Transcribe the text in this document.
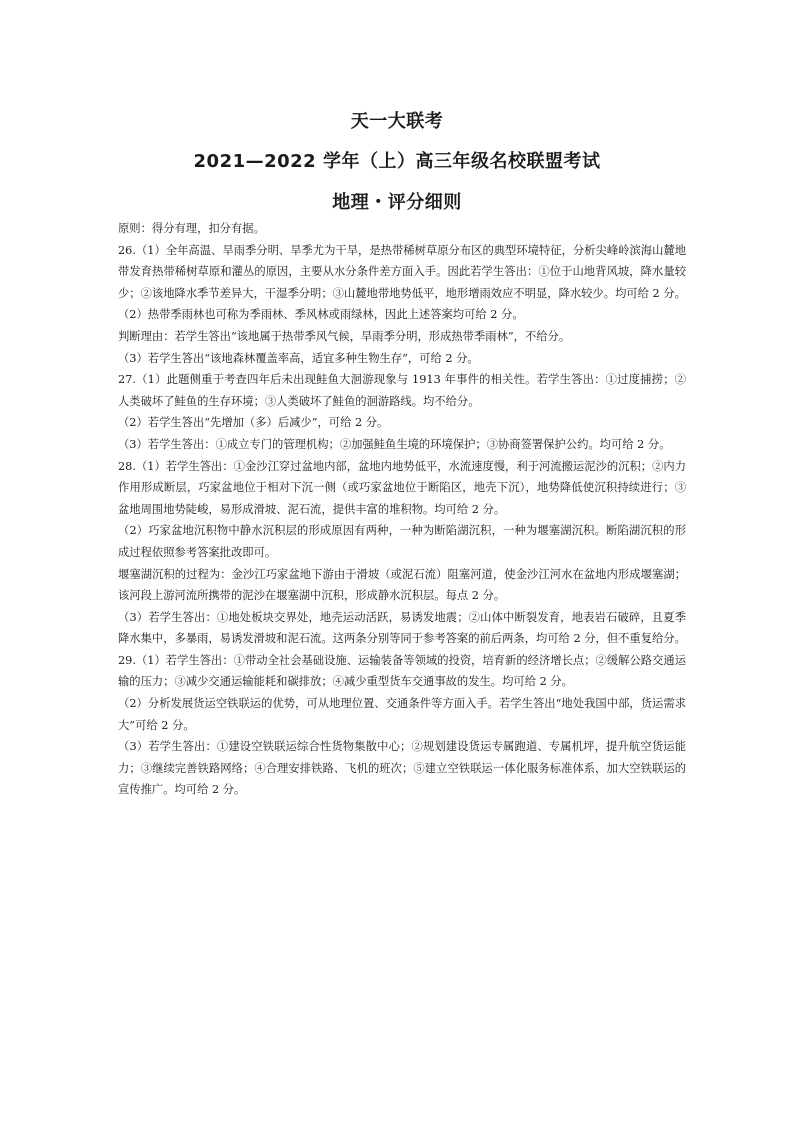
天一大联考
2021—2022 学年（上）高三年级名校联盟考试
地理・评分细则

原则：得分有理，扣分有据。

26.（1）全年高温、旱雨季分明、旱季尤为干旱，是热带稀树草原分布区的典型环境特征，分析尖峰岭滨海山麓地带发育热带稀树草原和灌丛的原因，主要从水分条件差方面入手。因此若学生答出：①位于山地背风坡，降水量较少；②该地降水季节差异大，干湿季分明；③山麓地带地势低平，地形增雨效应不明显，降水较少。均可给 2 分。

（2）热带季雨林也可称为季雨林、季风林或雨绿林，因此上述答案均可给 2 分。

判断理由：若学生答出“该地属于热带季风气候，旱雨季分明，形成热带季雨林”，不给分。

（3）若学生答出“该地森林覆盖率高，适宜多种生物生存”，可给 2 分。

27.（1）此题侧重于考查四年后未出现鲑鱼大洄游现象与 1913 年事件的相关性。若学生答出：①过度捕捞；②人类破坏了鲑鱼的生存环境；③人类破坏了鲑鱼的洄游路线。均不给分。

（2）若学生答出“先增加（多）后减少”，可给 2 分。

（3）若学生答出：①成立专门的管理机构；②加强鲑鱼生境的环境保护；③协商签署保护公约。均可给 2 分。

28.（1）若学生答出：①金沙江穿过盆地内部，盆地内地势低平，水流速度慢，利于河流搬运泥沙的沉积；②内力作用形成断层，巧家盆地位于相对下沉一侧（或巧家盆地位于断陷区，地壳下沉），地势降低使沉积持续进行；③盆地周围地势陡峻，易形成滑坡、泥石流，提供丰富的堆积物。均可给 2 分。

（2）巧家盆地沉积物中静水沉积层的形成原因有两种，一种为断陷湖沉积，一种为堰塞湖沉积。断陷湖沉积的形成过程依照参考答案批改即可。

堰塞湖沉积的过程为：金沙江巧家盆地下游由于滑坡（或泥石流）阻塞河道，使金沙江河水在盆地内形成堰塞湖；该河段上游河流所携带的泥沙在堰塞湖中沉积，形成静水沉积层。每点 2 分。

（3）若学生答出：①地处板块交界处，地壳运动活跃，易诱发地震；②山体中断裂发育，地表岩石破碎，且夏季降水集中，多暴雨，易诱发滑坡和泥石流。这两条分别等同于参考答案的前后两条，均可给 2 分，但不重复给分。

29.（1）若学生答出：①带动全社会基础设施、运输装备等领域的投资，培育新的经济增长点；②缓解公路交通运输的压力；③减少交通运输能耗和碳排放；④减少重型货车交通事故的发生。均可给 2 分。

（2）分析发展货运空铁联运的优势，可从地理位置、交通条件等方面入手。若学生答出“地处我国中部，货运需求大”可给 2 分。

（3）若学生答出：①建设空铁联运综合性货物集散中心；②规划建设货运专属跑道、专属机坪，提升航空货运能力；③继续完善铁路网络；④合理安排铁路、飞机的班次；⑤建立空铁联运一体化服务标准体系，加大空铁联运的宣传推广。均可给 2 分。
